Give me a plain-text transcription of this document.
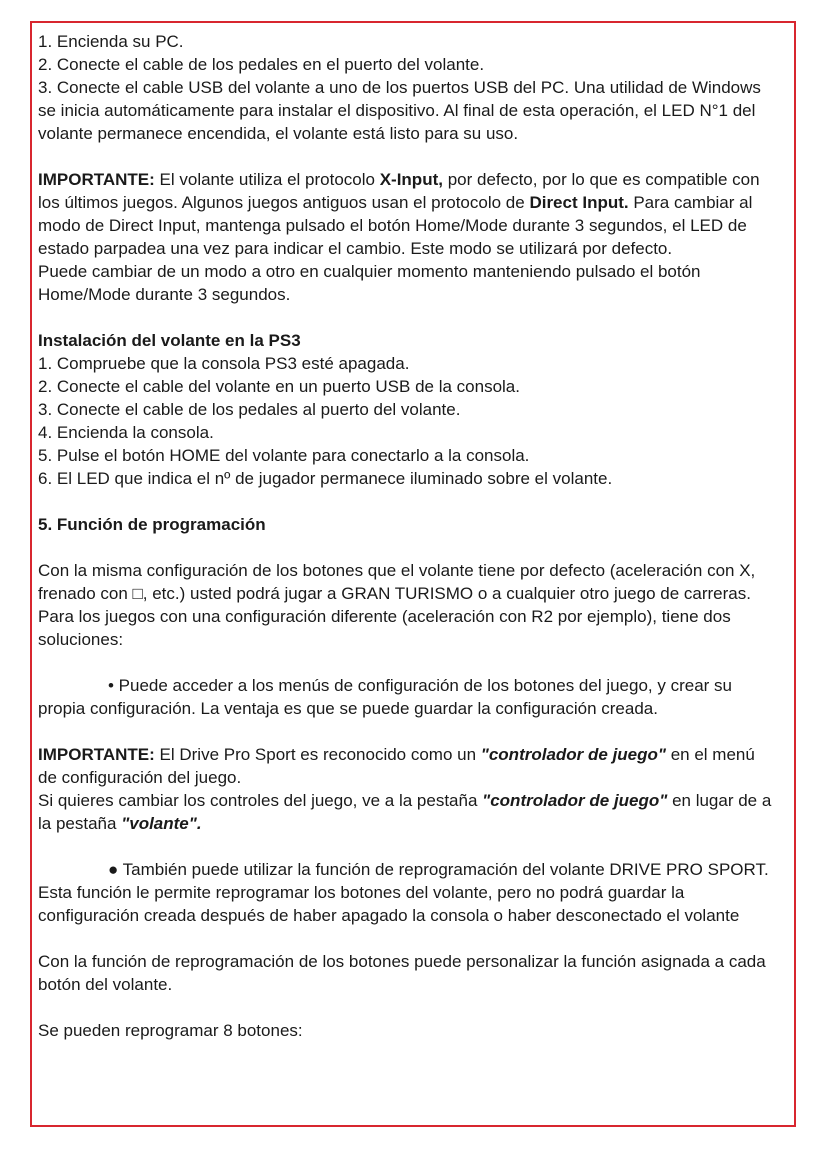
1. Encienda su PC.

2. Conecte el cable de los pedales en el puerto del volante.

3. Conecte el cable USB del volante a uno de los puertos USB del PC. Una utilidad de Windows se inicia automáticamente para instalar el dispositivo. Al final de esta operación, el LED N°1 del volante permanece encendida, el volante está listo para su uso.

IMPORTANTE: El volante utiliza el protocolo X-Input, por defecto, por lo que es compatible con los últimos juegos. Algunos juegos antiguos usan el protocolo de Direct Input. Para cambiar al modo de Direct Input, mantenga pulsado el botón Home/Mode durante 3 segundos, el LED de estado parpadea una vez para indicar el cambio. Este modo se utilizará por defecto.

Puede cambiar de un modo a otro en cualquier momento manteniendo pulsado el botón Home/Mode durante 3 segundos.

Instalación del volante en la PS3

1. Compruebe que la consola PS3 esté apagada.

2. Conecte el cable del volante en un puerto USB de la consola.

3. Conecte el cable de los pedales al puerto del volante.

4. Encienda la consola.

5. Pulse el botón HOME del volante para conectarlo a la consola.

6. El LED que indica el nº de jugador permanece iluminado sobre el volante.

5. Función de programación

Con la misma configuración de los botones que el volante tiene por defecto (aceleración con X, frenado con □, etc.) usted podrá jugar a GRAN TURISMO o a cualquier otro juego de carreras. Para los juegos con una configuración diferente (aceleración con R2 por ejemplo), tiene dos soluciones:

• Puede acceder a los menús de configuración de los botones del juego, y crear su propia configuración. La ventaja es que se puede guardar la configuración creada.

IMPORTANTE: El Drive Pro Sport es reconocido como un "controlador de juego" en el menú de configuración del juego.

Si quieres cambiar los controles del juego, ve a la pestaña "controlador de juego" en lugar de a la pestaña "volante".

● También puede utilizar la función de reprogramación del volante DRIVE PRO SPORT. Esta función le permite reprogramar los botones del volante, pero no podrá guardar la configuración creada después de haber apagado la consola o haber desconectado el volante

Con la función de reprogramación de los botones puede personalizar la función asignada a cada botón del volante.

Se pueden reprogramar 8 botones:
